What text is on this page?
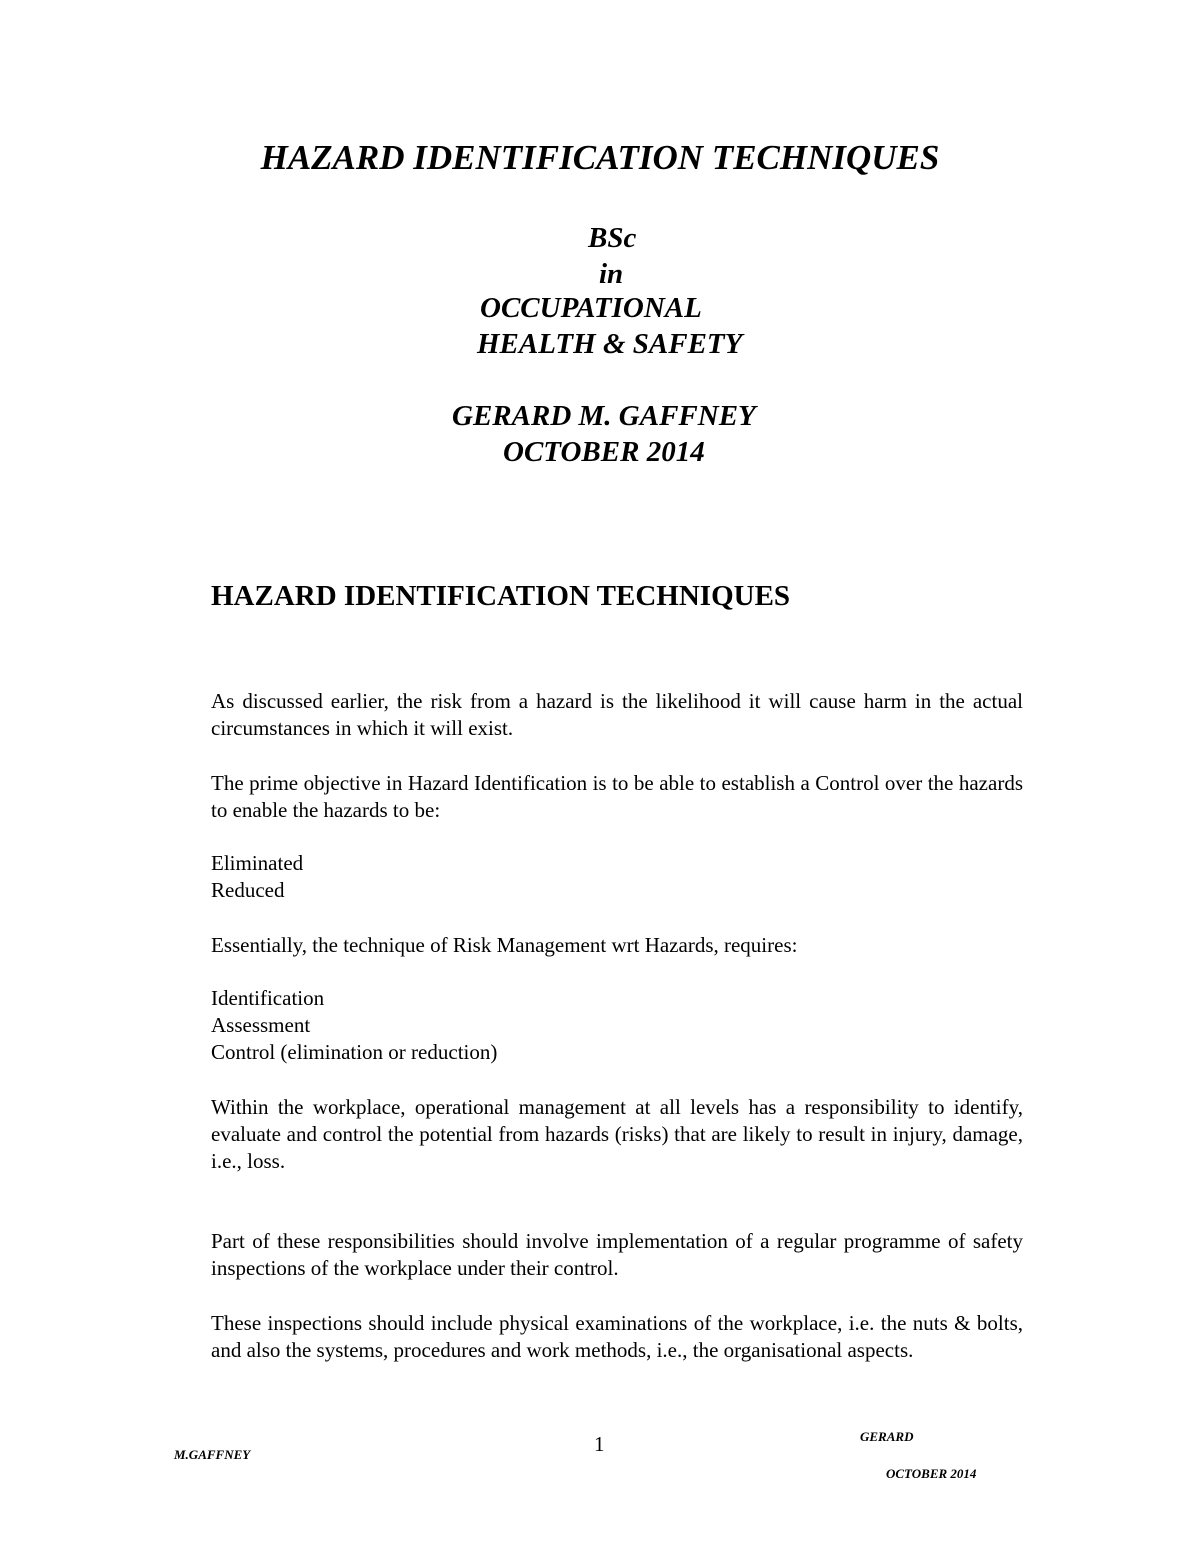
HAZARD IDENTIFICATION TECHNIQUES
BSc
in
OCCUPATIONAL
HEALTH & SAFETY
GERARD M. GAFFNEY
OCTOBER 2014
HAZARD IDENTIFICATION TECHNIQUES
As discussed earlier, the risk from a hazard is the likelihood it will cause harm in the actual circumstances in which it will exist.
The prime objective in Hazard Identification is to be able to establish a Control over the hazards to enable the hazards to be:
Eliminated
Reduced
Essentially, the technique of Risk Management wrt Hazards, requires:
Identification
Assessment
Control (elimination or reduction)
Within the workplace, operational management at all levels has a responsibility to identify, evaluate and control the potential from hazards (risks) that are likely to result in injury, damage, i.e., loss.
Part of these responsibilities should involve implementation of a regular programme of safety inspections of the workplace under their control.
These inspections should include physical examinations of the workplace, i.e. the nuts & bolts, and also the systems, procedures and work methods, i.e., the organisational aspects.
M.GAFFNEY	1	GERARD
OCTOBER 2014
